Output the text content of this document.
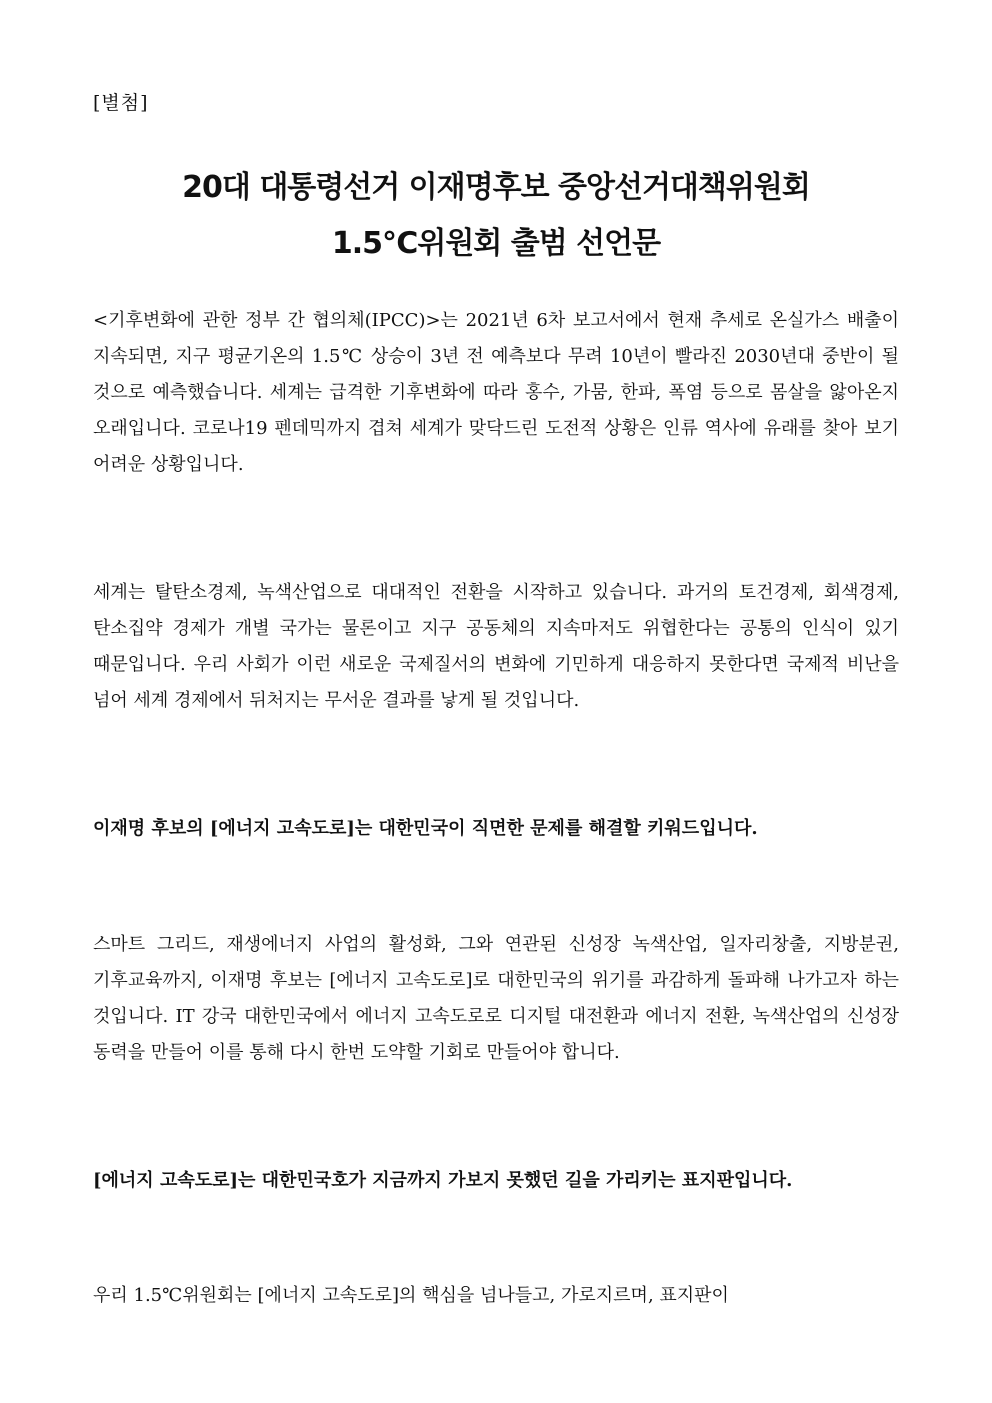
[별첨]
20대 대통령선거 이재명후보 중앙선거대책위원회
1.5℃위원회 출범 선언문

<기후변화에 관한 정부 간 협의체(IPCC)>는 2021년 6차 보고서에서 현재 추세로 온실가스 배출이 지속되면, 지구 평균기온의 1.5℃ 상승이 3년 전 예측보다 무려 10년이 빨라진 2030년대 중반이 될 것으로 예측했습니다. 세계는 급격한 기후변화에 따라 홍수, 가뭄, 한파, 폭염 등으로 몸살을 앓아온지 오래입니다. 코로나19 펜데믹까지 겹쳐 세계가 맞닥드린 도전적 상황은 인류 역사에 유래를 찾아 보기 어려운 상황입니다.

세계는 탈탄소경제, 녹색산업으로 대대적인 전환을 시작하고 있습니다. 과거의 토건경제, 회색경제, 탄소집약 경제가 개별 국가는 물론이고 지구 공동체의 지속마저도 위협한다는 공통의 인식이 있기 때문입니다. 우리 사회가 이런 새로운 국제질서의 변화에 기민하게 대응하지 못한다면 국제적 비난을 넘어 세계 경제에서 뒤처지는 무서운 결과를 낳게 될 것입니다.

이재명 후보의 [에너지 고속도로]는 대한민국이 직면한 문제를 해결할 키워드입니다.

스마트 그리드, 재생에너지 사업의 활성화, 그와 연관된 신성장 녹색산업, 일자리창출, 지방분권, 기후교육까지, 이재명 후보는 [에너지 고속도로]로 대한민국의 위기를 과감하게 돌파해 나가고자 하는 것입니다. IT 강국 대한민국에서 에너지 고속도로로 디지털 대전환과 에너지 전환, 녹색산업의 신성장 동력을 만들어 이를 통해 다시 한번 도약할 기회로 만들어야 합니다.

[에너지 고속도로]는 대한민국호가 지금까지 가보지 못했던 길을 가리키는 표지판입니다.

우리 1.5℃위원회는 [에너지 고속도로]의 핵심을 넘나들고, 가로지르며, 표지판이
